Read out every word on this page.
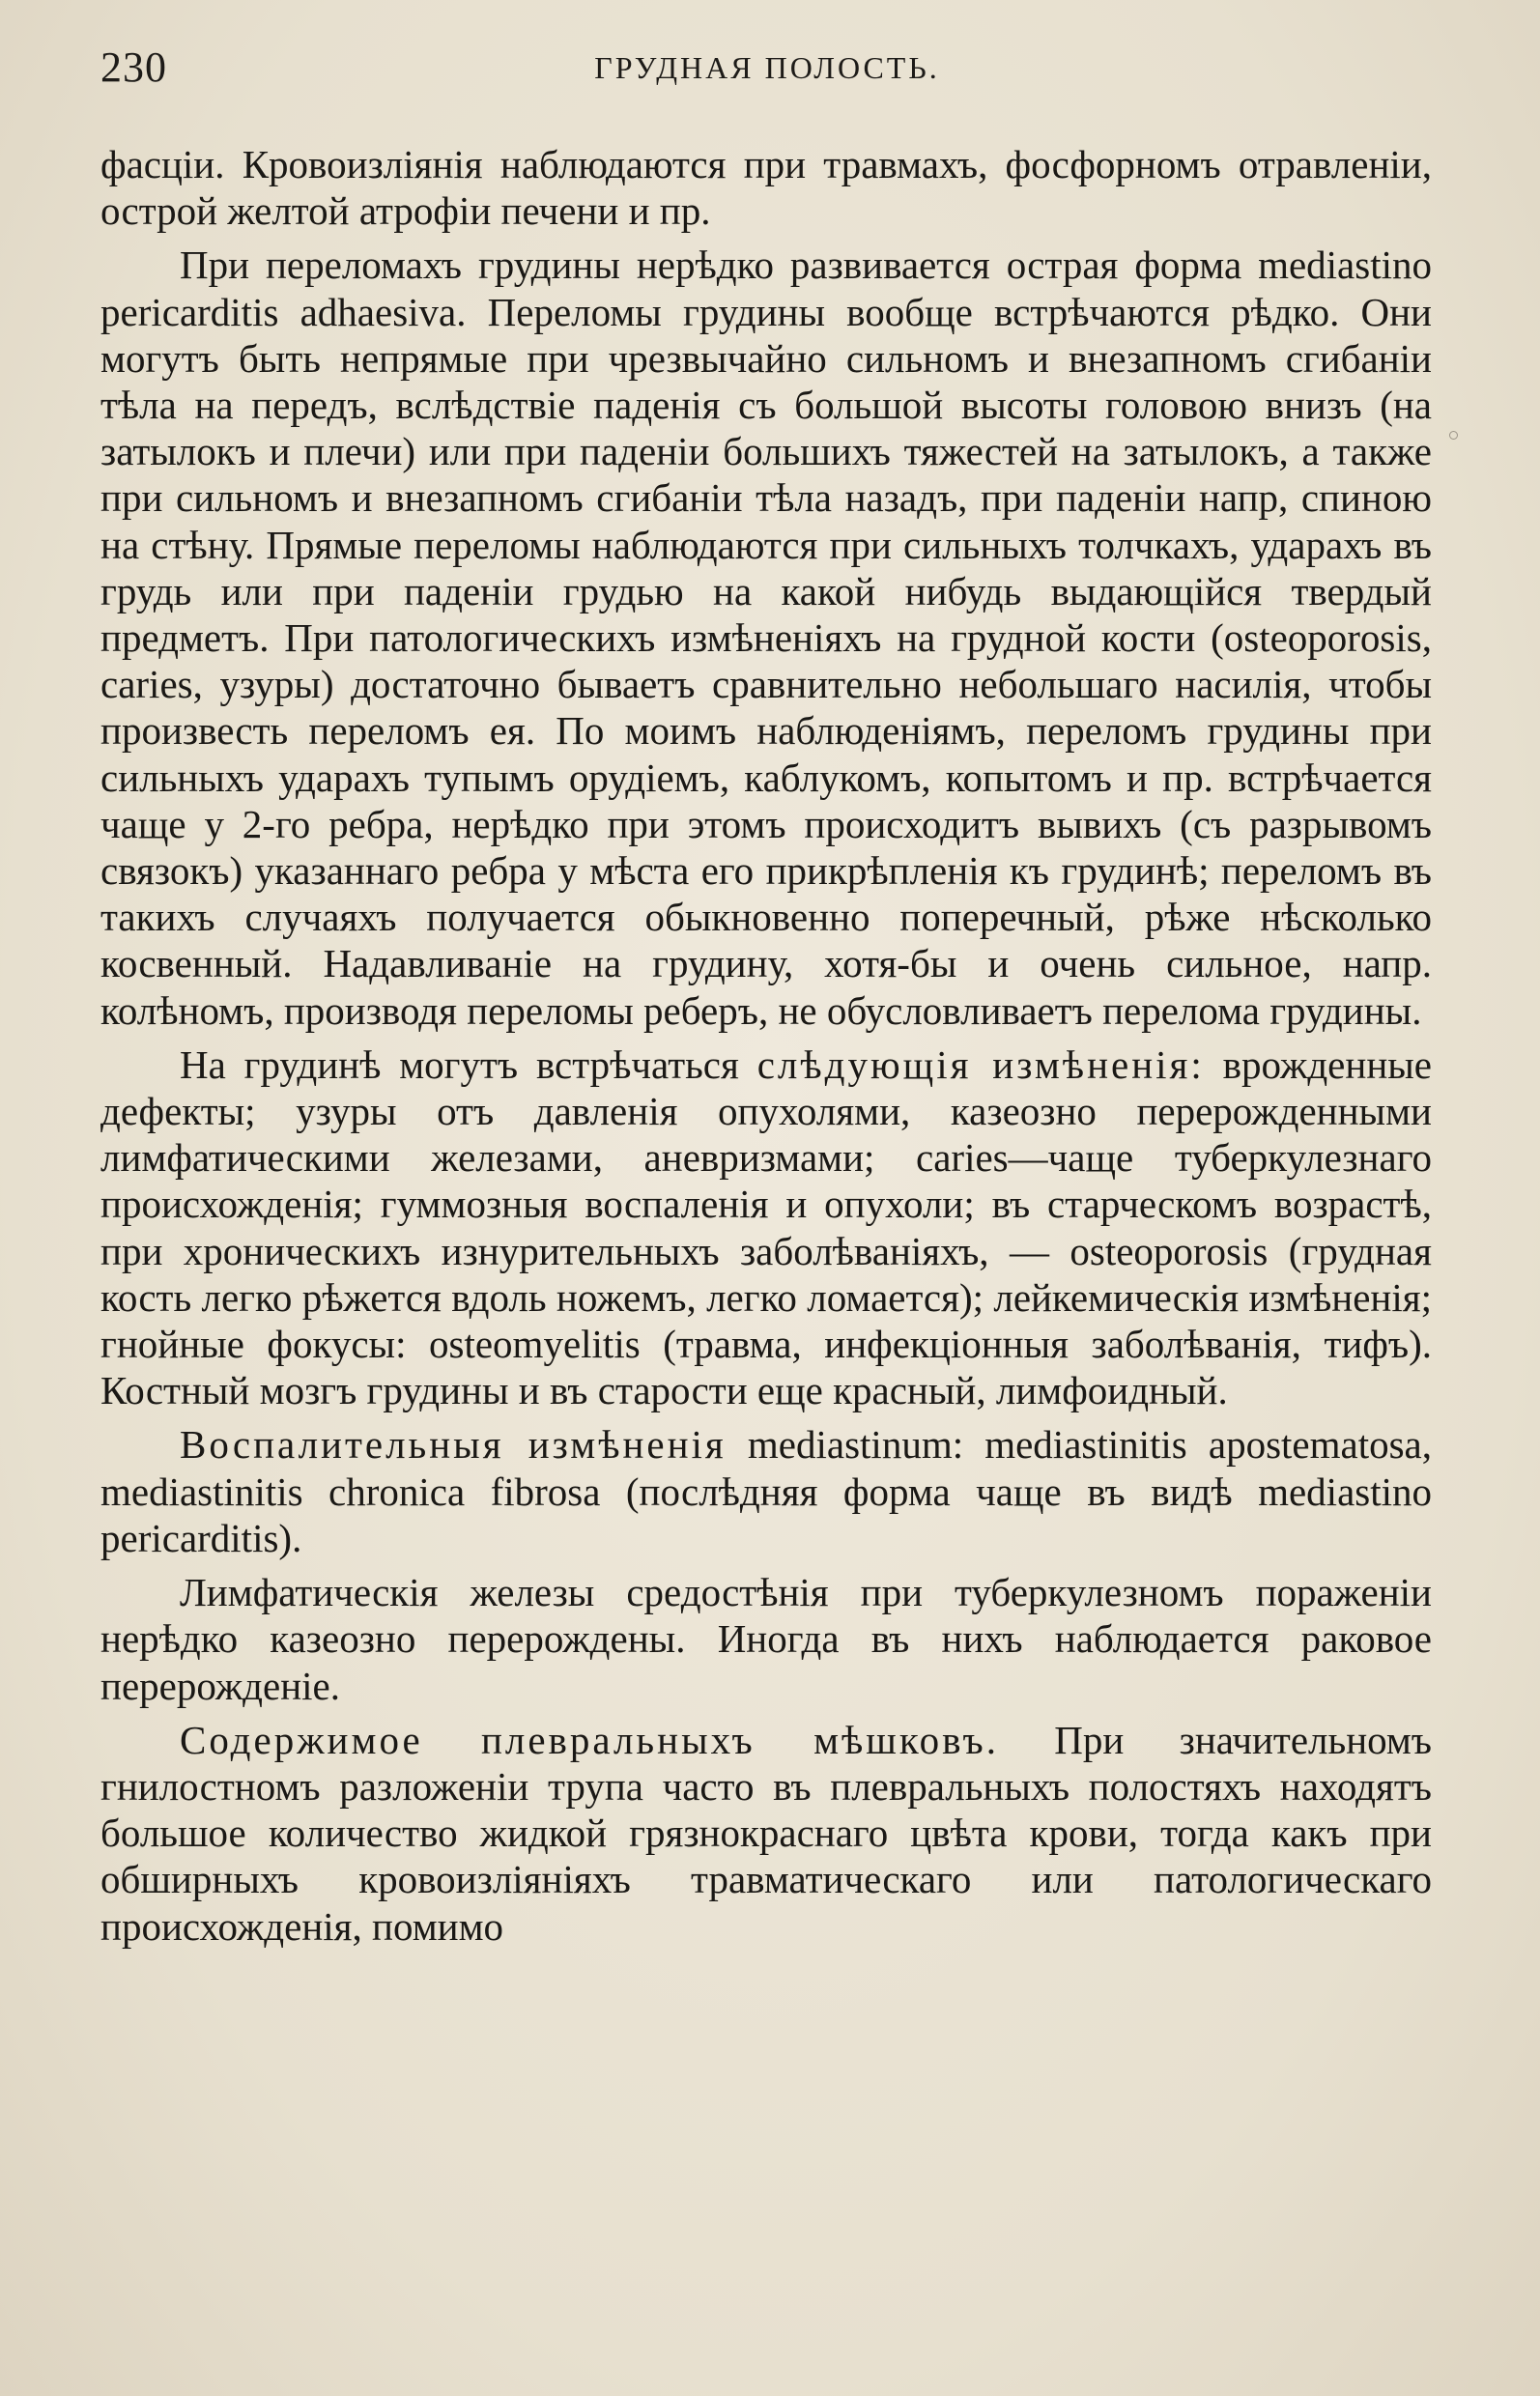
230	ГРУДНАЯ ПОЛОСТЬ.

фасціи. Кровоизліянія наблюдаются при травмахъ, фосфорномъ отравленіи, острой желтой атрофіи печени и пр.

При переломахъ грудины нерѣдко развивается острая форма mediastino pericarditis adhaesiva. Переломы грудины вообще встрѣчаются рѣдко. Они могутъ быть непрямые при чрезвычайно сильномъ и внезапномъ сгибаніи тѣла на передъ, вслѣдствіе паденія съ большой высоты головою внизъ (на затылокъ и плечи) или при паденіи большихъ тяжестей на затылокъ, а также при сильномъ и внезапномъ сгибаніи тѣла назадъ, при паденіи напр, спиною на стѣну. Прямые переломы наблюдаются при сильныхъ толчкахъ, ударахъ въ грудь или при паденіи грудью на какой нибудь выдающійся твердый предметъ. При патологическихъ измѣненіяхъ на грудной кости (osteoporosis, caries, узуры) достаточно бываетъ сравнительно небольшаго насилія, чтобы произвесть переломъ ея. По моимъ наблюденіямъ, переломъ грудины при сильныхъ ударахъ тупымъ орудіемъ, каблукомъ, копытомъ и пр. встрѣчается чаще у 2-го ребра, нерѣдко при этомъ происходитъ вывихъ (съ разрывомъ связокъ) указаннаго ребра у мѣста его прикрѣпленія къ грудинѣ; переломъ въ такихъ случаяхъ получается обыкновенно поперечный, рѣже нѣсколько косвенный. Надавливаніе на грудину, хотя-бы и очень сильное, напр. колѣномъ, производя переломы реберъ, не обусловливаетъ перелома грудины.

На грудинѣ могутъ встрѣчаться слѣдующія измѣненія: врожденные дефекты; узуры отъ давленія опухолями, казеозно перерожденными лимфатическими железами, аневризмами; caries—чаще туберкулезнаго происхожденія; гуммозныя воспаленія и опухоли; въ старческомъ возрастѣ, при хроническихъ изнурительныхъ заболѣваніяхъ, — osteoporosis (грудная кость легко рѣжется вдоль ножемъ, легко ломается); лейкемическія измѣненія; гнойные фокусы: osteomyelitis (травма, инфекціонныя заболѣванія, тифъ). Костный мозгъ грудины и въ старости еще красный, лимфоидный.

Воспалительныя измѣненія mediastinum: mediastinitis apostematosa, mediastinitis chronica fibrosa (послѣдняя форма чаще въ видѣ mediastino pericarditis).

Лимфатическія железы средостѣнія при туберкулезномъ пораженіи нерѣдко казеозно перерождены. Иногда въ нихъ наблюдается раковое перерожденіе.

Содержимое плевральныхъ мѣшковъ. При значительномъ гнилостномъ разложеніи трупа часто въ плевральныхъ полостяхъ находятъ большое количество жидкой грязнокраснаго цвѣта крови, тогда какъ при обширныхъ кровоизліяніяхъ травматическаго или патологическаго происхожденія, помимо
